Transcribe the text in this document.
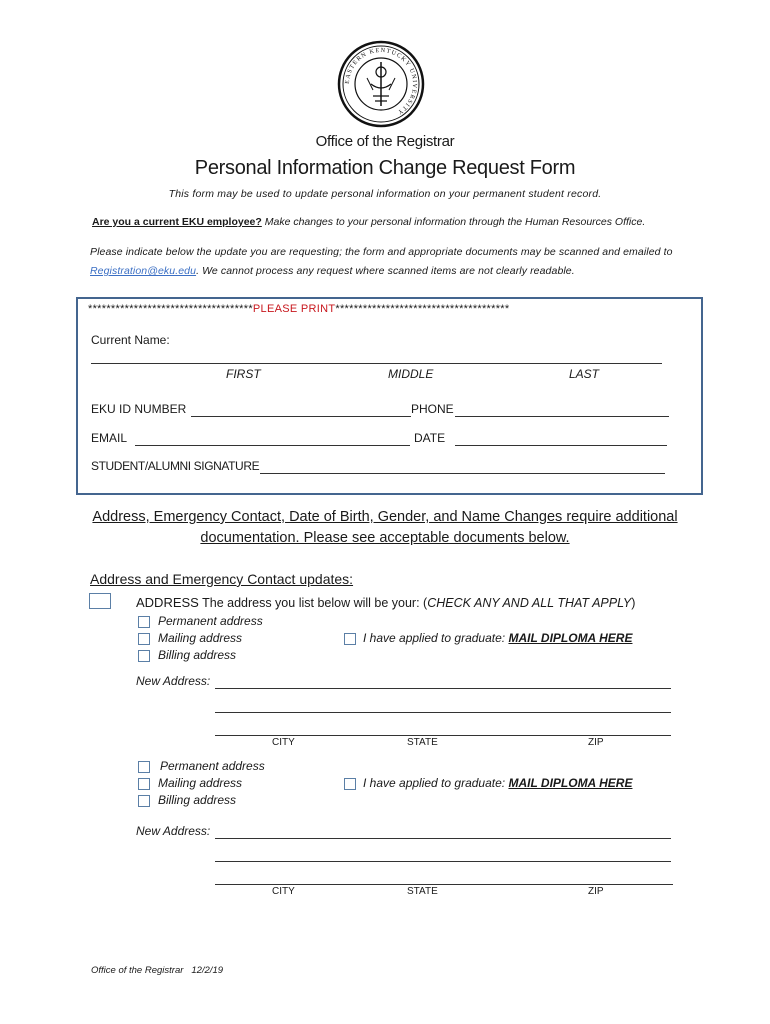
EASTERN KENTUCKY UNIVERSITY
Office of the Registrar
Personal Information Change Request Form
This form may be used to update personal information on your permanent student record.
Are you a current EKU employee? Make changes to your personal information through the Human Resources Office.
Please indicate below the update you are requesting; the form and appropriate documents may be scanned and emailed to Registration@eku.edu. We cannot process any request where scanned items are not clearly readable.
************************************PLEASE PRINT**************************************
Current Name:
FIRST	MIDDLE	LAST
EKU ID NUMBER	PHONE
EMAIL	DATE
STUDENT/ALUMNI SIGNATURE
Address, Emergency Contact, Date of Birth, Gender, and Name Changes require additional
documentation. Please see acceptable documents below.
Address and Emergency Contact updates:
ADDRESS The address you list below will be your: (CHECK ANY AND ALL THAT APPLY)
Permanent address
Mailing address
Billing address
I have applied to graduate: MAIL DIPLOMA HERE
New Address:
CITY	STATE	ZIP
Permanent address
Mailing address
Billing address
I have applied to graduate: MAIL DIPLOMA HERE
New Address:
CITY	STATE	ZIP
Office of the Registrar   12/2/19
